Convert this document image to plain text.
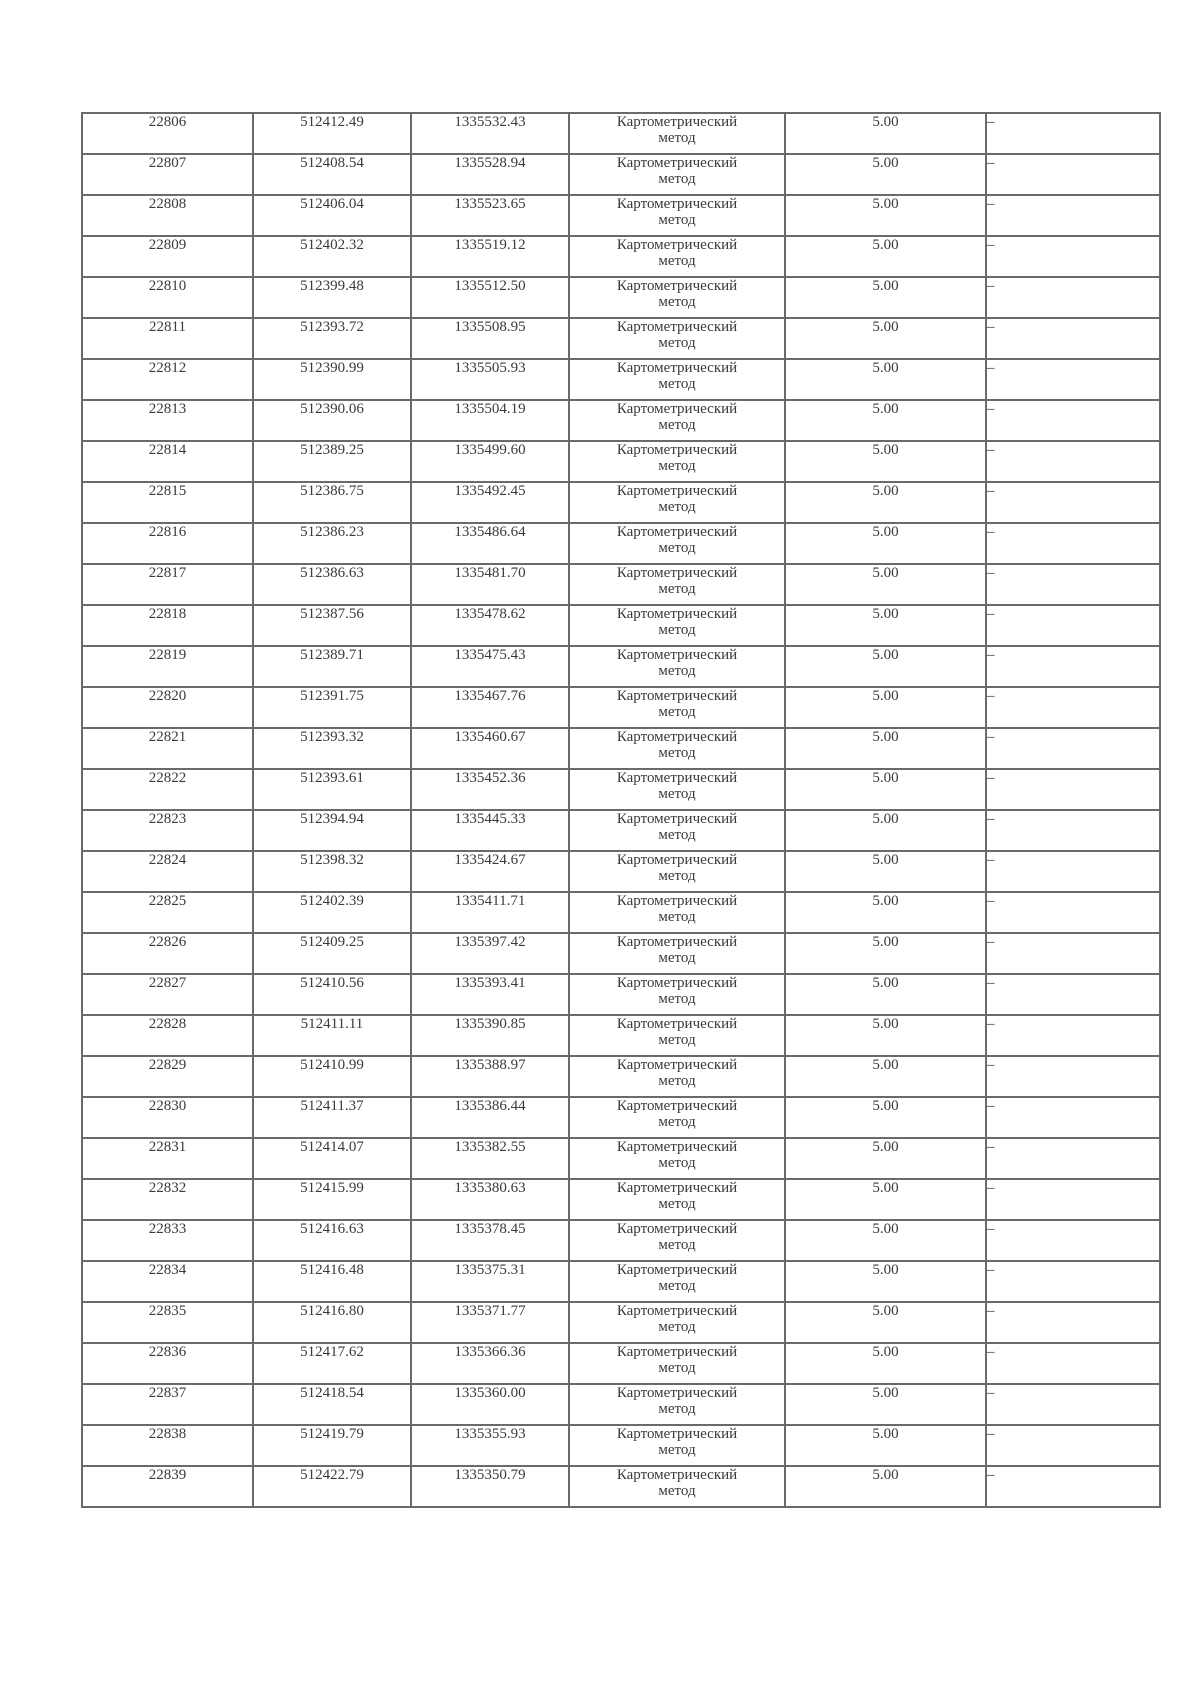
22806	512412.49	1335532.43	Картометрический
метод	5.00	–
22807	512408.54	1335528.94	Картометрический
метод	5.00	–
22808	512406.04	1335523.65	Картометрический
метод	5.00	–
22809	512402.32	1335519.12	Картометрический
метод	5.00	–
22810	512399.48	1335512.50	Картометрический
метод	5.00	–
22811	512393.72	1335508.95	Картометрический
метод	5.00	–
22812	512390.99	1335505.93	Картометрический
метод	5.00	–
22813	512390.06	1335504.19	Картометрический
метод	5.00	–
22814	512389.25	1335499.60	Картометрический
метод	5.00	–
22815	512386.75	1335492.45	Картометрический
метод	5.00	–
22816	512386.23	1335486.64	Картометрический
метод	5.00	–
22817	512386.63	1335481.70	Картометрический
метод	5.00	–
22818	512387.56	1335478.62	Картометрический
метод	5.00	–
22819	512389.71	1335475.43	Картометрический
метод	5.00	–
22820	512391.75	1335467.76	Картометрический
метод	5.00	–
22821	512393.32	1335460.67	Картометрический
метод	5.00	–
22822	512393.61	1335452.36	Картометрический
метод	5.00	–
22823	512394.94	1335445.33	Картометрический
метод	5.00	–
22824	512398.32	1335424.67	Картометрический
метод	5.00	–
22825	512402.39	1335411.71	Картометрический
метод	5.00	–
22826	512409.25	1335397.42	Картометрический
метод	5.00	–
22827	512410.56	1335393.41	Картометрический
метод	5.00	–
22828	512411.11	1335390.85	Картометрический
метод	5.00	–
22829	512410.99	1335388.97	Картометрический
метод	5.00	–
22830	512411.37	1335386.44	Картометрический
метод	5.00	–
22831	512414.07	1335382.55	Картометрический
метод	5.00	–
22832	512415.99	1335380.63	Картометрический
метод	5.00	–
22833	512416.63	1335378.45	Картометрический
метод	5.00	–
22834	512416.48	1335375.31	Картометрический
метод	5.00	–
22835	512416.80	1335371.77	Картометрический
метод	5.00	–
22836	512417.62	1335366.36	Картометрический
метод	5.00	–
22837	512418.54	1335360.00	Картометрический
метод	5.00	–
22838	512419.79	1335355.93	Картометрический
метод	5.00	–
22839	512422.79	1335350.79	Картометрический
метод	5.00	–
